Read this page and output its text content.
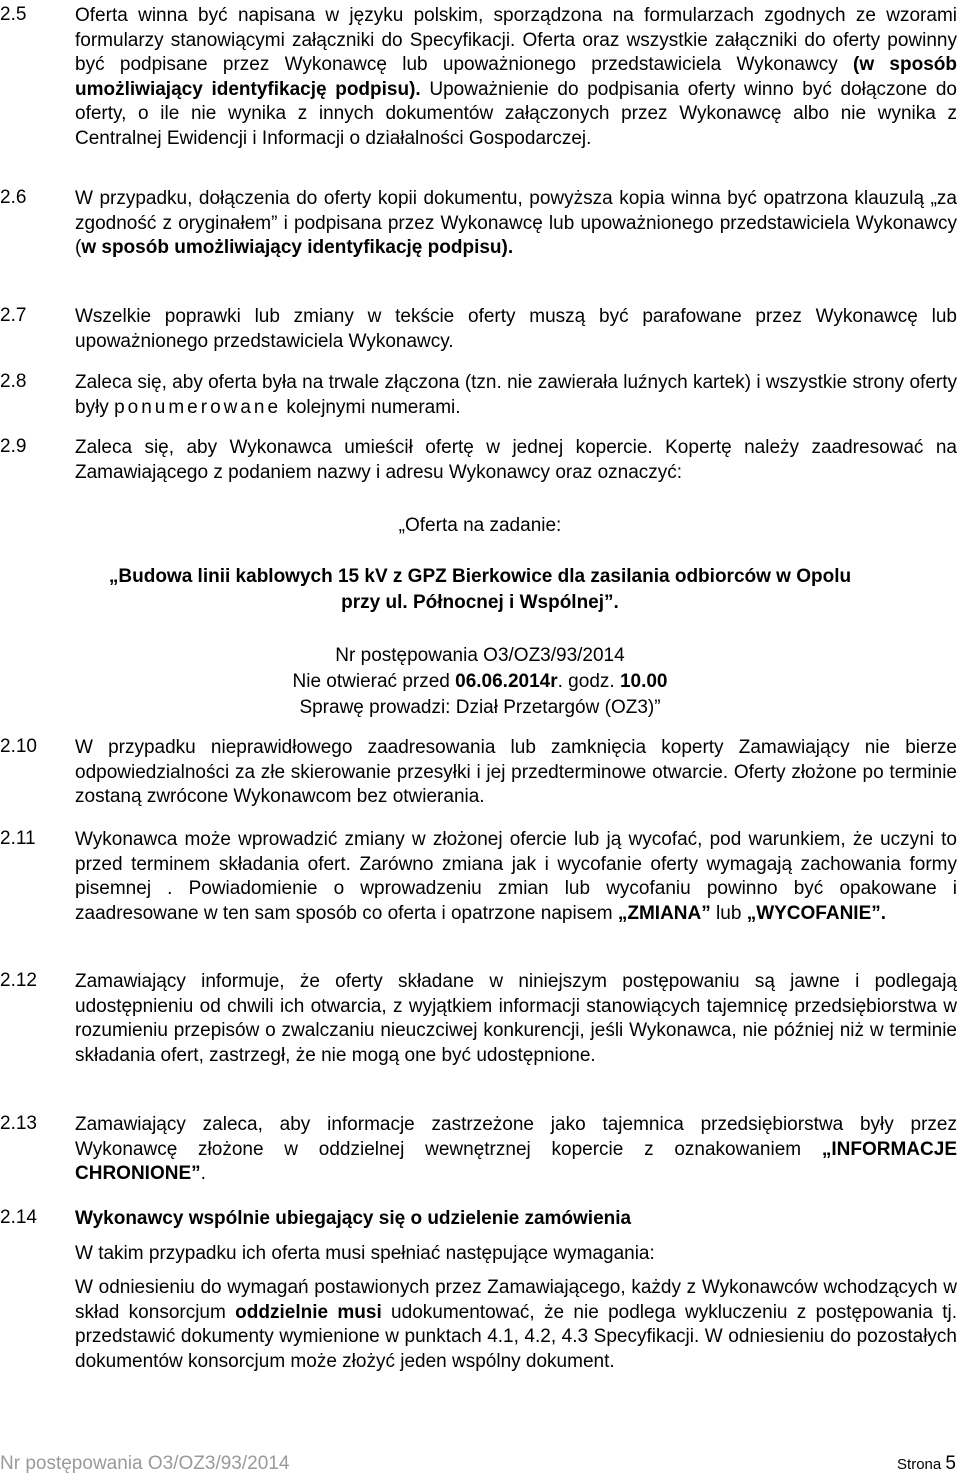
2.5	Oferta winna być napisana w języku polskim, sporządzona na formularzach zgodnych ze wzorami formularzy stanowiącymi załączniki do Specyfikacji. Oferta oraz wszystkie załączniki do oferty powinny być podpisane przez Wykonawcę lub upoważnionego przedstawiciela Wykonawcy (w sposób umożliwiający identyfikację podpisu). Upoważnienie do podpisania oferty winno być dołączone do oferty, o ile nie wynika z innych dokumentów załączonych przez Wykonawcę albo nie wynika z Centralnej Ewidencji i Informacji o działalności Gospodarczej.

2.6	W przypadku, dołączenia do oferty kopii dokumentu, powyższa kopia winna być opatrzona klauzulą „za zgodność z oryginałem” i podpisana przez Wykonawcę lub upoważnionego przedstawiciela Wykonawcy (w sposób umożliwiający identyfikację podpisu).

2.7	Wszelkie poprawki lub zmiany w tekście oferty muszą być parafowane przez Wykonawcę lub upoważnionego przedstawiciela Wykonawcy.

2.8	Zaleca się, aby oferta była na trwale złączona (tzn. nie zawierała luźnych kartek) i wszystkie strony oferty były ponumerowane kolejnymi numerami.

2.9	Zaleca się, aby Wykonawca umieścił ofertę w jednej kopercie. Kopertę należy zaadresować na Zamawiającego z podaniem nazwy i adresu Wykonawcy oraz oznaczyć:

„Oferta na zadanie:
„Budowa linii kablowych 15 kV z GPZ Bierkowice dla zasilania odbiorców w Opolu
przy ul. Północnej i Wspólnej”.
Nr postępowania O3/OZ3/93/2014
Nie otwierać przed 06.06.2014r. godz. 10.00
Sprawę prowadzi: Dział Przetargów (OZ3)”
2.10 W przypadku nieprawidłowego zaadresowania lub zamknięcia koperty Zamawiający nie bierze odpowiedzialności za złe skierowanie przesyłki i jej przedterminowe otwarcie. Oferty złożone po terminie zostaną zwrócone Wykonawcom bez otwierania.

2.11 Wykonawca może wprowadzić zmiany w złożonej ofercie lub ją wycofać, pod warunkiem, że uczyni to przed terminem składania ofert. Zarówno zmiana jak i wycofanie oferty wymagają zachowania formy pisemnej . Powiadomienie o wprowadzeniu zmian lub wycofaniu powinno być opakowane i zaadresowane w ten sam sposób co oferta i opatrzone napisem „ZMIANA” lub „WYCOFANIE”.

2.12 Zamawiający informuje, że oferty składane w niniejszym postępowaniu są jawne i podlegają udostępnieniu od chwili ich otwarcia, z wyjątkiem informacji stanowiących tajemnicę przedsiębiorstwa w rozumieniu przepisów o zwalczaniu nieuczciwej konkurencji, jeśli Wykonawca, nie później niż w terminie składania ofert, zastrzegł, że nie mogą one być udostępnione.

2.13 Zamawiający zaleca, aby informacje zastrzeżone jako tajemnica przedsiębiorstwa były przez Wykonawcę złożone w oddzielnej wewnętrznej kopercie z oznakowaniem „INFORMACJE CHRONIONE”.

2.14 Wykonawcy wspólnie ubiegający się o udzielenie zamówienia

W takim przypadku ich oferta musi spełniać następujące wymagania:

W odniesieniu do wymagań postawionych przez Zamawiającego, każdy z Wykonawców wchodzących w skład konsorcjum oddzielnie musi udokumentować, że nie podlega wykluczeniu z postępowania tj. przedstawić dokumenty wymienione w punktach 4.1, 4.2, 4.3 Specyfikacji. W odniesieniu do pozostałych dokumentów konsorcjum może złożyć jeden wspólny dokument.

Nr postępowania O3/OZ3/93/2014	Strona 5
